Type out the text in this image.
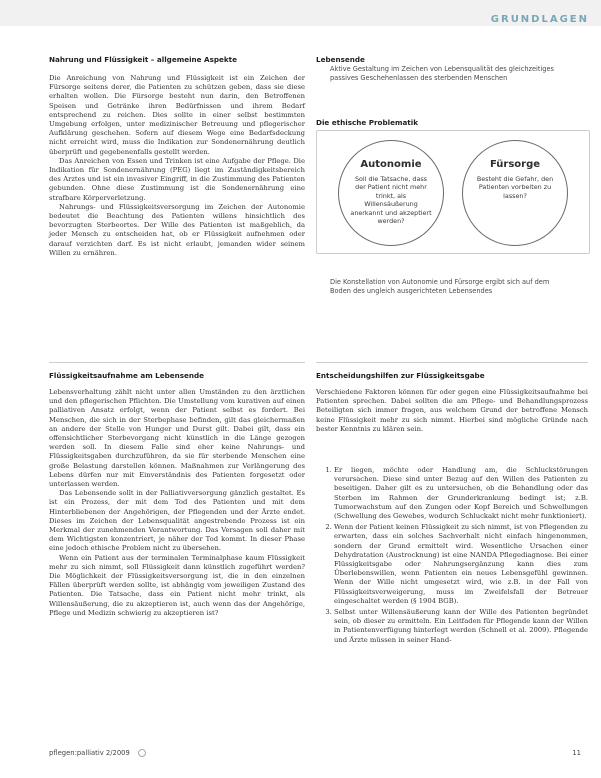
GRUNDLAGEN
Nahrung und Flüssigkeit – allgemeine Aspekte

Die Anreichung von Nahrung und Flüssigkeit ist ein Zeichen der Fürsorge seitens derer, die Patienten zu schützen geben, dass sie diese erhalten wollen. Die Fürsorge besteht nun darin, den Betroffenen Speisen und Getränke ihren Bedürfnissen und ihrem Bedarf entsprechend zu reichen. Dies sollte in einer selbst bestimmten Umgebung erfolgen, unter medizinischer Betreuung und pflegerischer Aufklärung geschehen. Sofern auf diesem Wege eine Bedarfsdeckung nicht erreicht wird, muss die Indikation zur Sondenernährung deutlich überprüft und gegebenenfalls gestellt werden.

Das Anreichen von Essen und Trinken ist eine Aufgabe der Pflege. Die Indikation für Sondenernährung (PEG) liegt im Zuständigkeitsbereich des Arztes und ist ein invasiver Eingriff, in die Zustimmung des Patienten gebunden. Ohne diese Zustimmung ist die Sondenernährung eine strafbare Körperverletzung.

Nahrungs- und Flüssigkeitsversorgung im Zeichen der Autonomie bedeutet die Beachtung des Patienten willens hinsichtlich des bevorzugten Sterbeortes. Der Wille des Patienten ist maßgeblich, da jeder Mensch zu entscheiden hat, ob er Flüssigkeit aufnehmen oder darauf verzichten darf. Es ist nicht erlaubt, jemanden wider seinem Willen zu ernähren.

Lebensende
Aktive Gestaltung im Zeichen von Lebensqualität des gleichzeitiges passives Geschehenlassen des sterbenden Menschen
Die ethische Problematik
Autonomie
Soll die Tatsache, dass der Patient nicht mehr trinkt, als Willensäußerung anerkannt und akzeptiert werden?
Fürsorge
Besteht die Gefahr, den Patienten vorbeiten zu lassen?
Die Konstellation von Autonomie und Fürsorge ergibt sich auf dem Boden des ungleich ausgerichteten Lebensendes
Flüssigkeitsaufnahme am Lebensende

Lebensverhaltung zählt nicht unter allen Umständen zu den ärztlichen und den pflegerischen Pflichten. Die Umstellung vom kurativen auf einen palliativen Ansatz erfolgt, wenn der Patient selbst es fordert. Bei Menschen, die sich in der Sterbephase befinden, gilt das gleichermaßen an andere der Stelle von Hunger und Durst gilt. Dabei gilt, dass ein offensichtlicher Sterbevorgang nicht künstlich in die Länge gezogen werden soll. In diesem Falle sind eher keine Nahrungs- und Flüssigkeitsgaben durchzuführen, da sie für sterbende Menschen eine große Belastung darstellen können. Maßnahmen zur Verlängerung des Lebens dürfen nur mit Einverständnis des Patienten forgesetzt oder unterlassen werden.

Das Lebensende sollt in der Palliativversorgung gänzlich gestaltet. Es ist ein Prozess, der mit dem Tod des Patienten und mit dem Hinterbliebenen der Angehörigen, der Pflegenden und der Ärzte endet. Dieses im Zeichen der Lebensqualität angestrebende Prozess ist ein Merkmal der zunehmenden Verantwortung. Das Versagen soll daher mit dem Wichtigsten konzentriert, je näher der Tod kommt. In dieser Phase eine jedoch ethische Problem nicht zu übersehen.

Wenn ein Patient aus der terminalen Terminalphase kaum Flüssigkeit mehr zu sich nimmt, soll Flüssigkeit dann künstlich zugeführt werden? Die Möglichkeit der Flüssigkeitsversorgung ist, die in den einzelnen Fällen überprüft werden sollte, ist abhängig vom jeweiligen Zustand des Patienten. Die Tatsache, dass ein Patient nicht mehr trinkt, als Willensäußerung, die zu akzeptieren ist, auch wenn das der Angehörige, Pflege und Medizin schwierig zu akzeptieren ist?

Entscheidungshilfen zur Flüssigkeitsgabe
Verschiedene Faktoren können für oder gegen eine Flüssigkeitsaufnahme bei Patienten sprechen. Dabei sollten die am Pflege- und Behandlungsprozess Beteiligten sich immer fragen, aus welchem Grund der betroffene Mensch keine Flüssigkeit mehr zu sich nimmt. Hierbei sind mögliche Gründe nach bester Kenntnis zu klären sein.
1. Er liegen, möchte oder Handlung am, die Schluckstörungen verursachen. Diese sind unter Bezug auf den Willen des Patienten zu beseitigen. Daher gilt es zu untersuchen, ob die Behandlung oder das Sterben im Rahmen der Grunderkrankung bedingt ist; z.B. Tumorwachstum auf den Zungen oder Kopf Bereich und Schwellungen (Schwellung des Gewebes, wodurch Schluckakt nicht mehr funktioniert).
2. Wenn der Patient keinen Flüssigkeit zu sich nimmt, ist von Pflegenden zu erwarten, dass ein solches Sachverhalt nicht einfach hingenommen, sondern der Grund ermittelt wird. Wesentliche Ursachen einer Dehydratation (Austrocknung) ist eine NANDA Pflegediagnose. Bei einer Flüssigkeitsgabe oder Nahrungsergänzung kann dies zum Überlebenswillen, wenn Patienten ein neues Lebensgefühl gewinnen. Wenn der Wille nicht umgesetzt wird, wie z.B. in der Fall von Flüssigkeitsverweigerung, muss im Zweifelsfall der Betreuer eingeschaltet werden (§ 1904 BGB).
3. Selbst unter Willensäußerung kann der Wille des Patienten begründet sein, ob dieser zu ermitteln. Ein Leitfaden für Pflegende kann der Willen in Patientenverfügung hinterlegt werden (Schnell et al. 2009). Pflegende und Ärzte müssen in seiner Hand-
pflegen:palliativ 2/2009	11
